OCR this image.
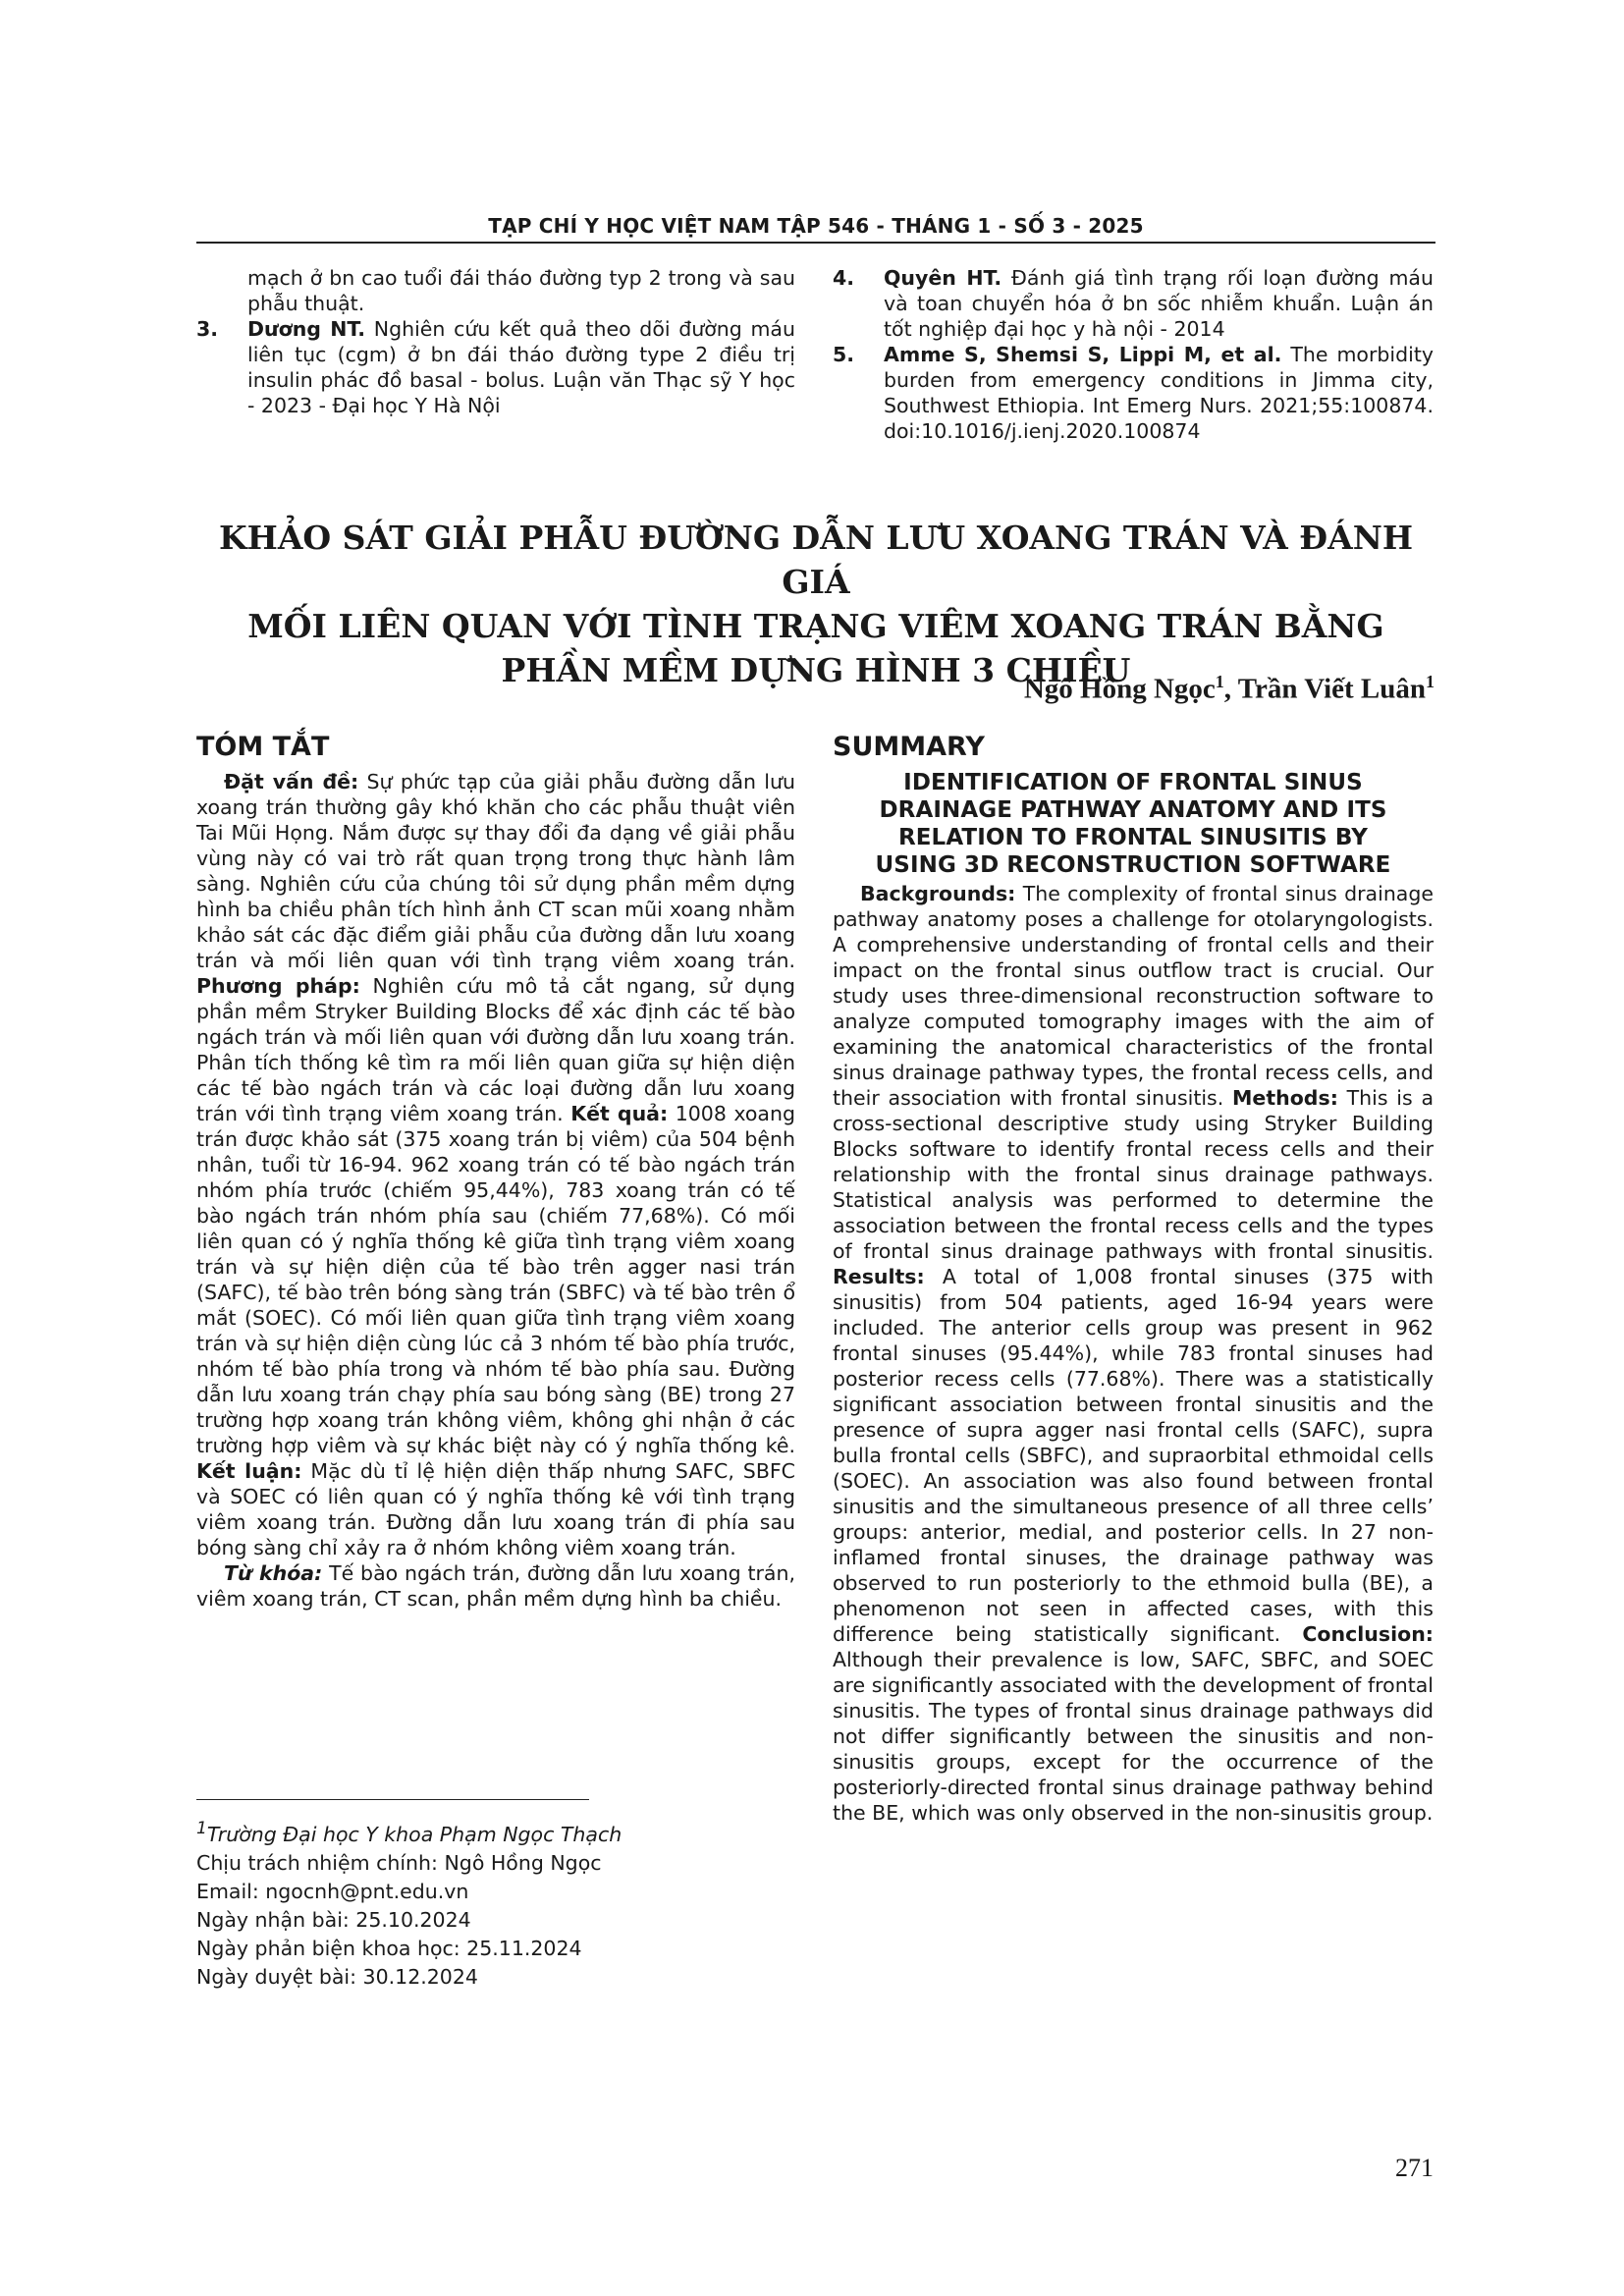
TẠP CHÍ Y HỌC VIỆT NAM TẬP 546 - THÁNG 1 - SỐ 3 - 2025
mạch ở bn cao tuổi đái tháo đường typ 2 trong và sau phẫu thuật.
3.	Dương NT. Nghiên cứu kết quả theo dõi đường máu liên tục (cgm) ở bn đái tháo đường type 2 điều trị insulin phác đồ basal - bolus. Luận văn Thạc sỹ Y học - 2023 - Đại học Y Hà Nội
4.	Quyên HT. Đánh giá tình trạng rối loạn đường máu và toan chuyển hóa ở bn sốc nhiễm khuẩn. Luận án tốt nghiệp đại học y hà nội - 2014
5.	Amme S, Shemsi S, Lippi M, et al. The morbidity burden from emergency conditions in Jimma city, Southwest Ethiopia. Int Emerg Nurs. 2021;55:100874. doi:10.1016/j.ienj.2020.100874
KHẢO SÁT GIẢI PHẪU ĐƯỜNG DẪN LƯU XOANG TRÁN VÀ ĐÁNH GIÁ
MỐI LIÊN QUAN VỚI TÌNH TRẠNG VIÊM XOANG TRÁN BẰNG
PHẦN MỀM DỰNG HÌNH 3 CHIỀU
Ngô Hồng Ngọc$^1$, Trần Viết Luân$^1$
TÓM TẮT

Đặt vấn đề: Sự phức tạp của giải phẫu đường dẫn lưu xoang trán thường gây khó khăn cho các phẫu thuật viên Tai Mũi Họng. Nắm được sự thay đổi đa dạng về giải phẫu vùng này có vai trò rất quan trọng trong thực hành lâm sàng. Nghiên cứu của chúng tôi sử dụng phần mềm dựng hình ba chiều phân tích hình ảnh CT scan mũi xoang nhằm khảo sát các đặc điểm giải phẫu của đường dẫn lưu xoang trán và mối liên quan với tình trạng viêm xoang trán. Phương pháp: Nghiên cứu mô tả cắt ngang, sử dụng phần mềm Stryker Building Blocks để xác định các tế bào ngách trán và mối liên quan với đường dẫn lưu xoang trán. Phân tích thống kê tìm ra mối liên quan giữa sự hiện diện các tế bào ngách trán và các loại đường dẫn lưu xoang trán với tình trạng viêm xoang trán. Kết quả: 1008 xoang trán được khảo sát (375 xoang trán bị viêm) của 504 bệnh nhân, tuổi từ 16-94. 962 xoang trán có tế bào ngách trán nhóm phía trước (chiếm 95,44%), 783 xoang trán có tế bào ngách trán nhóm phía sau (chiếm 77,68%). Có mối liên quan có ý nghĩa thống kê giữa tình trạng viêm xoang trán và sự hiện diện của tế bào trên agger nasi trán (SAFC), tế bào trên bóng sàng trán (SBFC) và tế bào trên ổ mắt (SOEC). Có mối liên quan giữa tình trạng viêm xoang trán và sự hiện diện cùng lúc cả 3 nhóm tế bào phía trước, nhóm tế bào phía trong và nhóm tế bào phía sau. Đường dẫn lưu xoang trán chạy phía sau bóng sàng (BE) trong 27 trường hợp xoang trán không viêm, không ghi nhận ở các trường hợp viêm và sự khác biệt này có ý nghĩa thống kê. Kết luận: Mặc dù tỉ lệ hiện diện thấp nhưng SAFC, SBFC và SOEC có liên quan có ý nghĩa thống kê với tình trạng viêm xoang trán. Đường dẫn lưu xoang trán đi phía sau bóng sàng chỉ xảy ra ở nhóm không viêm xoang trán.

Từ khóa: Tế bào ngách trán, đường dẫn lưu xoang trán, viêm xoang trán, CT scan, phần mềm dựng hình ba chiều.

SUMMARY
IDENTIFICATION OF FRONTAL SINUS
DRAINAGE PATHWAY ANATOMY AND ITS
RELATION TO FRONTAL SINUSITIS BY
USING 3D RECONSTRUCTION SOFTWARE

Backgrounds: The complexity of frontal sinus drainage pathway anatomy poses a challenge for otolaryngologists. A comprehensive understanding of frontal cells and their impact on the frontal sinus outflow tract is crucial. Our study uses three-dimensional reconstruction software to analyze computed tomography images with the aim of examining the anatomical characteristics of the frontal sinus drainage pathway types, the frontal recess cells, and their association with frontal sinusitis. Methods: This is a cross-sectional descriptive study using Stryker Building Blocks software to identify frontal recess cells and their relationship with the frontal sinus drainage pathways. Statistical analysis was performed to determine the association between the frontal recess cells and the types of frontal sinus drainage pathways with frontal sinusitis. Results: A total of 1,008 frontal sinuses (375 with sinusitis) from 504 patients, aged 16-94 years were included. The anterior cells group was present in 962 frontal sinuses (95.44%), while 783 frontal sinuses had posterior recess cells (77.68%). There was a statistically significant association between frontal sinusitis and the presence of supra agger nasi frontal cells (SAFC), supra bulla frontal cells (SBFC), and supraorbital ethmoidal cells (SOEC). An association was also found between frontal sinusitis and the simultaneous presence of all three cells’ groups: anterior, medial, and posterior cells. In 27 non-inflamed frontal sinuses, the drainage pathway was observed to run posteriorly to the ethmoid bulla (BE), a phenomenon not seen in affected cases, with this difference being statistically significant. Conclusion: Although their prevalence is low, SAFC, SBFC, and SOEC are significantly associated with the development of frontal sinusitis. The types of frontal sinus drainage pathways did not differ significantly between the sinusitis and non-sinusitis groups, except for the occurrence of the posteriorly-directed frontal sinus drainage pathway behind the BE, which was only observed in the non-sinusitis group.

$^1$Trường Đại học Y khoa Phạm Ngọc Thạch
Chịu trách nhiệm chính: Ngô Hồng Ngọc
Email: ngocnh@pnt.edu.vn
Ngày nhận bài: 25.10.2024
Ngày phản biện khoa học: 25.11.2024
Ngày duyệt bài: 30.12.2024
271
